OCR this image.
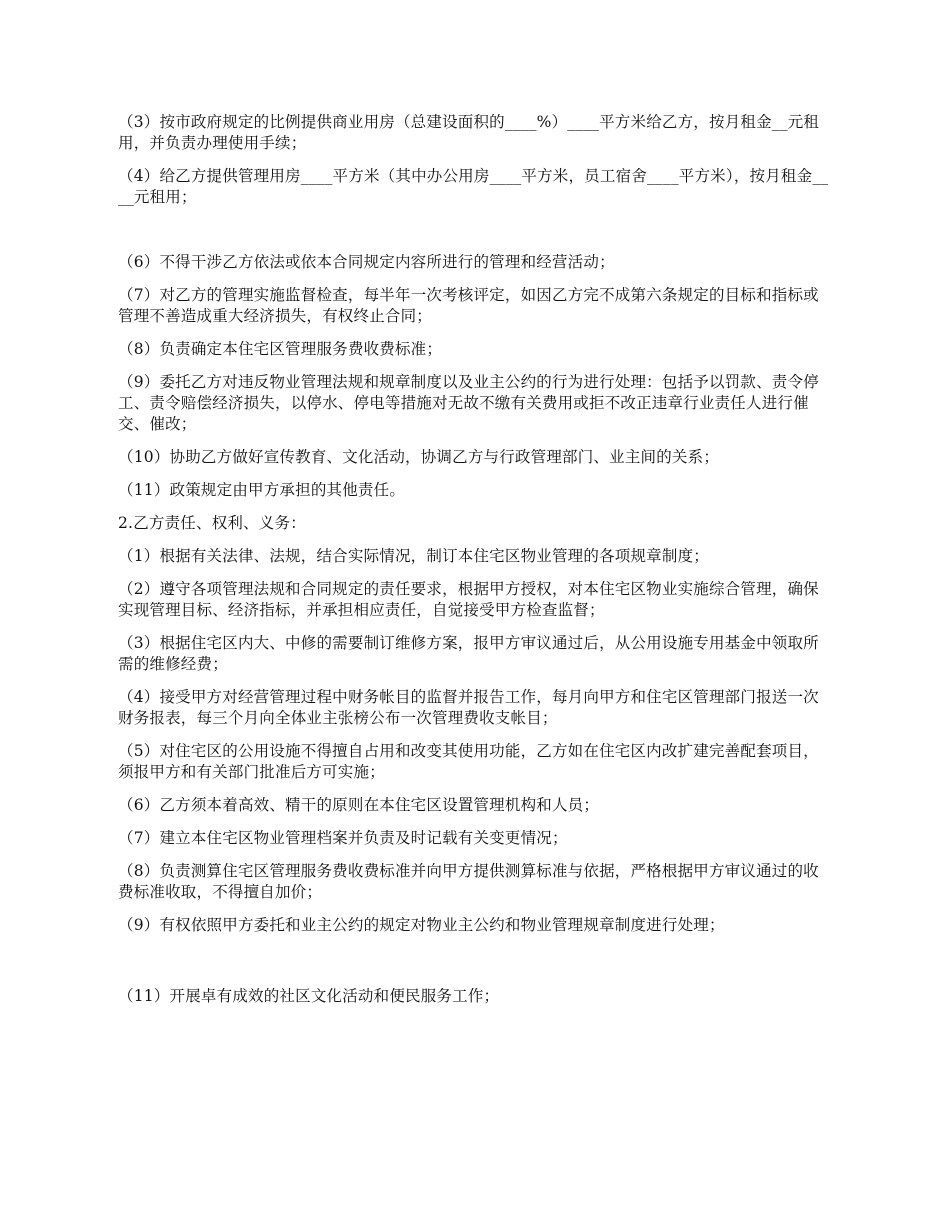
（3）按市政府规定的比例提供商业用房（总建设面积的____%）____平方米给乙方，按月租金__元租用，并负责办理使用手续；

（4）给乙方提供管理用房____平方米（其中办公用房____平方米，员工宿舍____平方米），按月租金____元租用；

（6）不得干涉乙方依法或依本合同规定内容所进行的管理和经营活动；

（7）对乙方的管理实施监督检查，每半年一次考核评定，如因乙方完不成第六条规定的目标和指标或管理不善造成重大经济损失，有权终止合同；

（8）负责确定本住宅区管理服务费收费标准；

（9）委托乙方对违反物业管理法规和规章制度以及业主公约的行为进行处理：包括予以罚款、责令停工、责令赔偿经济损失，以停水、停电等措施对无故不缴有关费用或拒不改正违章行业责任人进行催交、催改；

（10）协助乙方做好宣传教育、文化活动，协调乙方与行政管理部门、业主间的关系；

（11）政策规定由甲方承担的其他责任。

2.乙方责任、权利、义务：

（1）根据有关法律、法规，结合实际情况，制订本住宅区物业管理的各项规章制度；

（2）遵守各项管理法规和合同规定的责任要求，根据甲方授权，对本住宅区物业实施综合管理，确保实现管理目标、经济指标，并承担相应责任，自觉接受甲方检查监督；

（3）根据住宅区内大、中修的需要制订维修方案，报甲方审议通过后，从公用设施专用基金中领取所需的维修经费；

（4）接受甲方对经营管理过程中财务帐目的监督并报告工作，每月向甲方和住宅区管理部门报送一次财务报表，每三个月向全体业主张榜公布一次管理费收支帐目；

（5）对住宅区的公用设施不得擅自占用和改变其使用功能，乙方如在住宅区内改扩建完善配套项目，须报甲方和有关部门批准后方可实施；

（6）乙方须本着高效、精干的原则在本住宅区设置管理机构和人员；

（7）建立本住宅区物业管理档案并负责及时记载有关变更情况；

（8）负责测算住宅区管理服务费收费标准并向甲方提供测算标准与依据，严格根据甲方审议通过的收费标准收取，不得擅自加价；

（9）有权依照甲方委托和业主公约的规定对物业主公约和物业管理规章制度进行处理；

（11）开展卓有成效的社区文化活动和便民服务工作；
